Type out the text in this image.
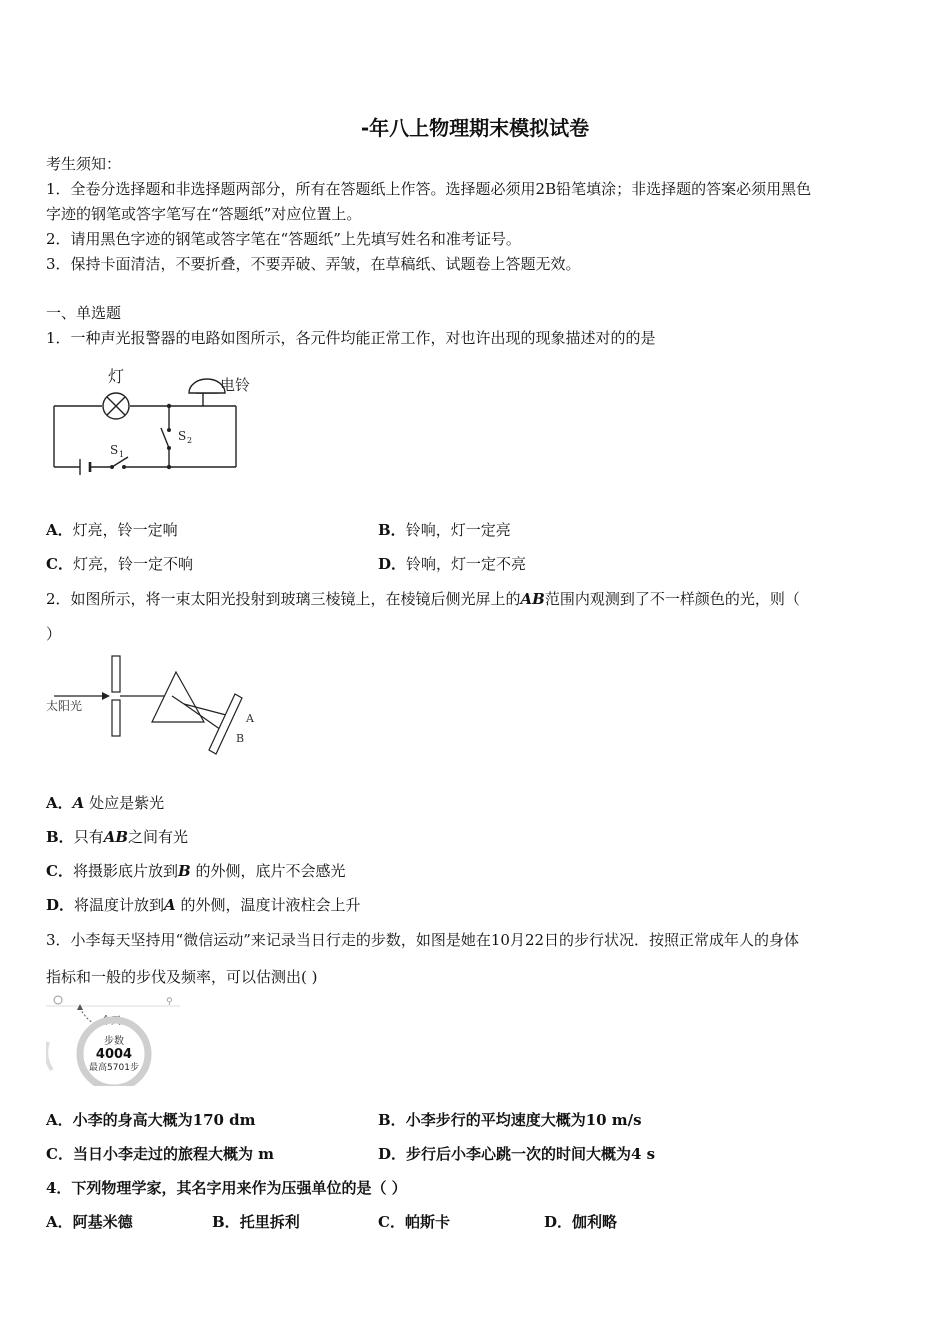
-年八上物理期末模拟试卷
考生须知：
1．全卷分选择题和非选择题两部分，所有在答题纸上作答。选择题必须用2B铅笔填涂；非选择题的答案必须用黑色
字迹的钢笔或答字笔写在“答题纸”对应位置上。
2．请用黑色字迹的钢笔或答字笔在“答题纸”上先填写姓名和准考证号。
3．保持卡面清洁，不要折叠，不要弄破、弄皱，在草稿纸、试题卷上答题无效。
一、单选题
1．一种声光报警器的电路如图所示，各元件均能正常工作，对也许出现的现象描述对的的是
灯	电铃
S 1
S 2
A．灯亮，铃一定响	B．铃响，灯一定亮
C．灯亮，铃一定不响	D．铃响，灯一定不亮
2．如图所示，将一束太阳光投射到玻璃三棱镜上，在棱镜后侧光屏上的AB范围内观测到了不一样颜色的光，则（
）
太阳光
A
B
A．A 处应是紫光
B．只有AB之间有光
C．将摄影底片放到B 的外侧，底片不会感光
D．将温度计放到A 的外侧，温度计液柱会上升
3．小李每天坚持用“微信运动”来记录当日行走的步数，如图是她在10月22日的步行状况．按照正常成年人的身体
指标和一般的步伐及频率，可以估测出( )
⚲
今天
步数
4004
最高5701步
A．小李的身高大概为170 dm	B．小李步行的平均速度大概为10 m/s
C．当日小李走过的旅程大概为 m	D．步行后小李心跳一次的时间大概为4 s
4．下列物理学家，其名字用来作为压强单位的是（ ）
A．阿基米德	B．托里拆利	C．帕斯卡	D．伽利略
